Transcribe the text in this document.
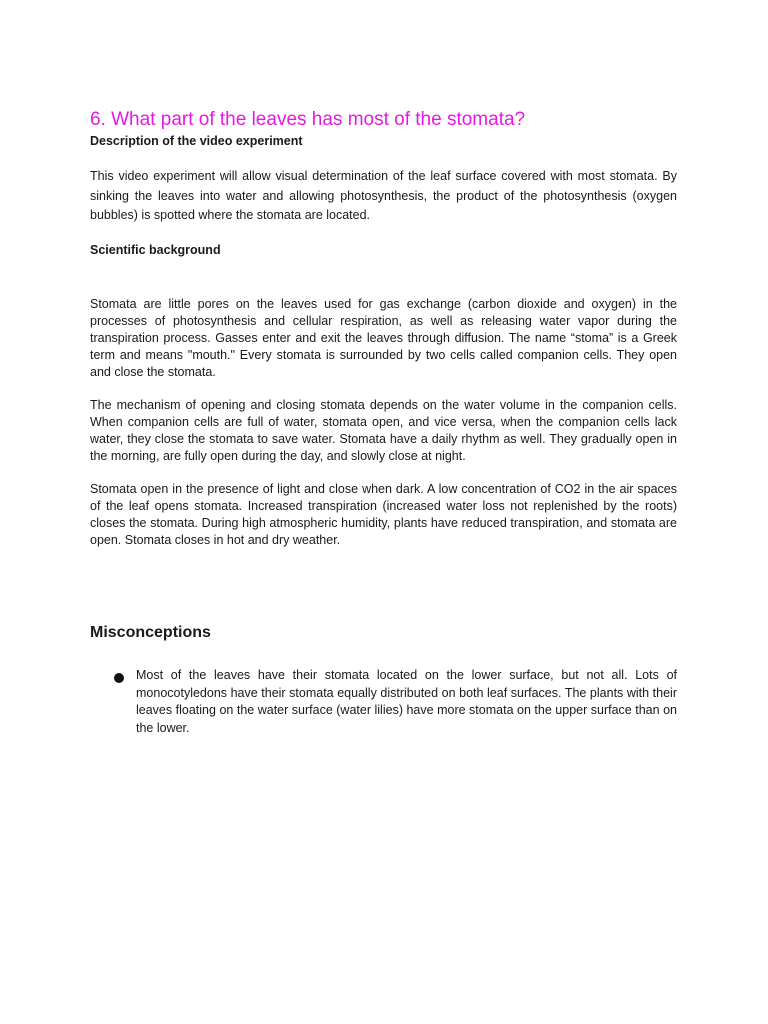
6. What part of the leaves has most of the stomata?
Description of the video experiment

This video experiment will allow visual determination of the leaf surface covered with most stomata. By sinking the leaves into water and allowing photosynthesis, the product of the photosynthesis (oxygen bubbles) is spotted where the stomata are located.

Scientific background

Stomata are little pores on the leaves used for gas exchange (carbon dioxide and oxygen) in the processes of photosynthesis and cellular respiration, as well as releasing water vapor during the transpiration process. Gasses enter and exit the leaves through diffusion. The name “stoma” is a Greek term and means "mouth." Every stomata is surrounded by two cells called companion cells. They open and close the stomata.

The mechanism of opening and closing stomata depends on the water volume in the companion cells. When companion cells are full of water, stomata open, and vice versa, when the companion cells lack water, they close the stomata to save water. Stomata have a daily rhythm as well. They gradually open in the morning, are fully open during the day, and slowly close at night.

Stomata open in the presence of light and close when dark. A low concentration of CO2 in the air spaces of the leaf opens stomata. Increased transpiration (increased water loss not replenished by the roots) closes the stomata. During high atmospheric humidity, plants have reduced transpiration, and stomata are open. Stomata closes in hot and dry weather.

Misconceptions
Most of the leaves have their stomata located on the lower surface, but not all. Lots of monocotyledons have their stomata equally distributed on both leaf surfaces. The plants with their leaves floating on the water surface (water lilies) have more stomata on the upper surface than on the lower.
